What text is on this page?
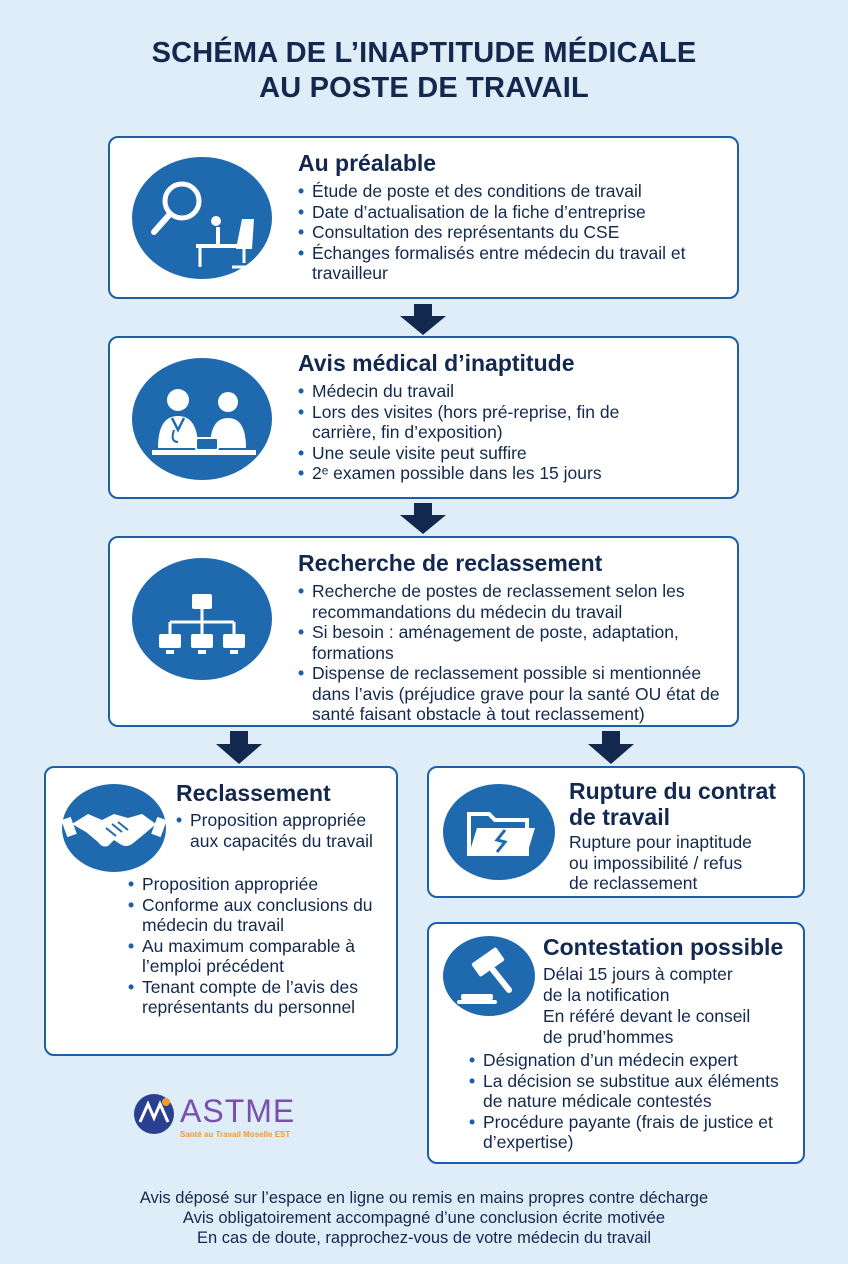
SCHÉMA DE L’INAPTITUDE MÉDICALE
AU POSTE DE TRAVAIL
Au préalable
• Étude de poste et des conditions de travail
• Date d’actualisation de la fiche d’entreprise
• Consultation des représentants du CSE
• Échanges formalisés entre médecin du travail et travailleur
Avis médical d’inaptitude
• Médecin du travail
• Lors des visites (hors pré-reprise, fin de carrière, fin d’exposition)
• Une seule visite peut suffire
• 2ᵉ examen possible dans les 15 jours
Recherche de reclassement
• Recherche de postes de reclassement selon les recommandations du médecin du travail
• Si besoin : aménagement de poste, adaptation, formations
• Dispense de reclassement possible si mentionnée dans l’avis (préjudice grave pour la santé OU état de santé faisant obstacle à tout reclassement)
Reclassement
• Proposition appropriée aux capacités du travail
• Proposition appropriée
• Conforme aux conclusions du médecin du travail
• Au maximum comparable à l’emploi précédent
• Tenant compte de l’avis des représentants du personnel
Rupture du contrat
de travail
Rupture pour inaptitude
ou impossibilité / refus
de reclassement
Contestation possible
Délai 15 jours à compter
de la notification
En référé devant le conseil
de prud’hommes
• Désignation d’un médecin expert
• La décision se substitue aux éléments de nature médicale contestés
• Procédure payante (frais de justice et d’expertise)
ASTME
Santé au Travail Moselle EST
Avis déposé sur l’espace en ligne ou remis en mains propres contre décharge
Avis obligatoirement accompagné d’une conclusion écrite motivée
En cas de doute, rapprochez-vous de votre médecin du travail
